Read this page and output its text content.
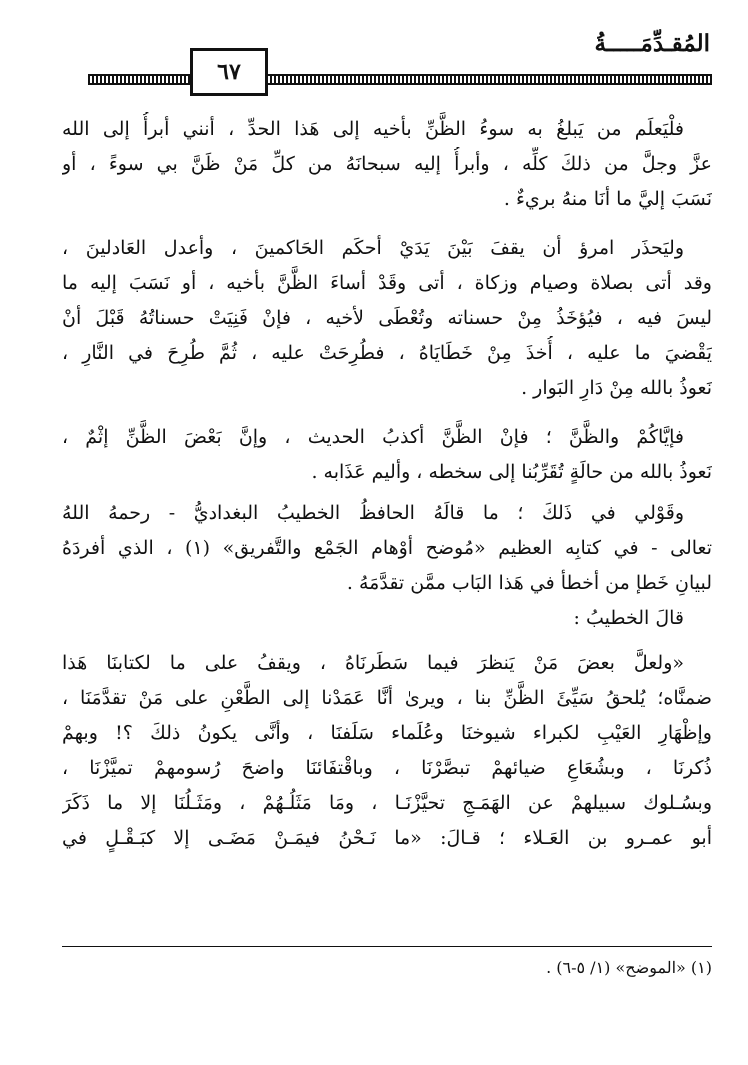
المُقـدِّمَـــــةُ
٦٧
فلْيَعلَم من يَبلغُ به سوءُ الظَّنِّ بأخيه إلى هَذا الحدِّ ، أنني أبرأُ إلى الله
عزَّ وجلَّ من ذلكَ كلِّه ، وأبرأُ إليه سبحانَهُ من كلِّ مَنْ ظَنَّ بي سوءً ، أو
نَسَبَ إليَّ ما أنَا منهُ بريءٌ .
وليَحذَر امرؤ أن يقفَ بَيْنَ يَدَيْ أحكَم الحَاكمينَ ، وأعدل العَادلينَ ،
وقد أتى بصلاة وصيام وزكاة ، أتى وقَدْ أساءَ الظَّنَّ بأخيه ، أو نَسَبَ إليه ما
ليسَ فيه ، فيُؤخَذُ مِنْ حسناته وتُعْطَى لأخيه ، فإنْ فَنِيَتْ حسناتُهُ قَبْلَ أنْ
يَقْضيَ ما عليه ، أُخذَ مِنْ خَطَايَاهُ ، فطُرِحَتْ عليه ، ثُمَّ طُرِحَ في النَّارِ ،
نَعوذُ بالله مِنْ دَارِ البَوار .
فإيَّاكُمْ والظَّنَّ ؛ فإنْ الظَّنَّ أكذبُ الحديث ، وإنَّ بَعْضَ الظَّنِّ إثْمٌ ،
نَعوذُ بالله من حالَةٍ تُقَرِّبُنا إلى سخطه ، وأليم عَذَابه .
وقَوْلي في ذَلكَ ؛ ما قالَهُ الحافظُ الخطيبُ البغداديُّ - رحمهُ اللهُ
تعالى - في كتابِه العظيم «مُوضح أوْهام الجَمْع والتَّفريق» (١) ، الذي أفردَهُ
لبيانِ خَطإ من أخطأ في هَذا البَاب ممَّن تقدَّمَهُ .
قالَ الخطيبُ :
«ولعلَّ بعضَ مَنْ يَنظرَ فيما سَطَرنَاهُ ، ويقفُ على ما لكتابنَا هَذا
ضمنَّاه؛ يُلحقُ سَيِّئَ الظَّنِّ بنا ، ويرىٰ أنَّا عَمَدْنا إلى الطَّعْنِ على مَنْ تقدَّمَنَا ،
وإظْهَارِ العَيْبِ لكبراء شيوخنَا وعُلَماء سَلَفنَا ، وأنَّى يكونُ ذلكَ ؟! وبهمْ
ذُكرنَا ، وبشُعَاعِ ضيائهمْ تبصَّرْنَا ، وباقْتفَائنَا واضحَ رُسومهمْ تميَّزْنَا ،
وبسُـلوك سبيلهمْ عن الهَمَـجِ تحيَّزْنَـا ، ومَا مَثَلُـهُمْ ، ومَثَـلُنَا إلا ما ذَكَرَ
أبو عمـرو بن العَـلاء ؛ قـالَ: «ما نَـحْنُ فيمَـنْ مَضَـى إلا كبَـقْـلٍ في
(١) «الموضح» (١/ ٥-٦) .
